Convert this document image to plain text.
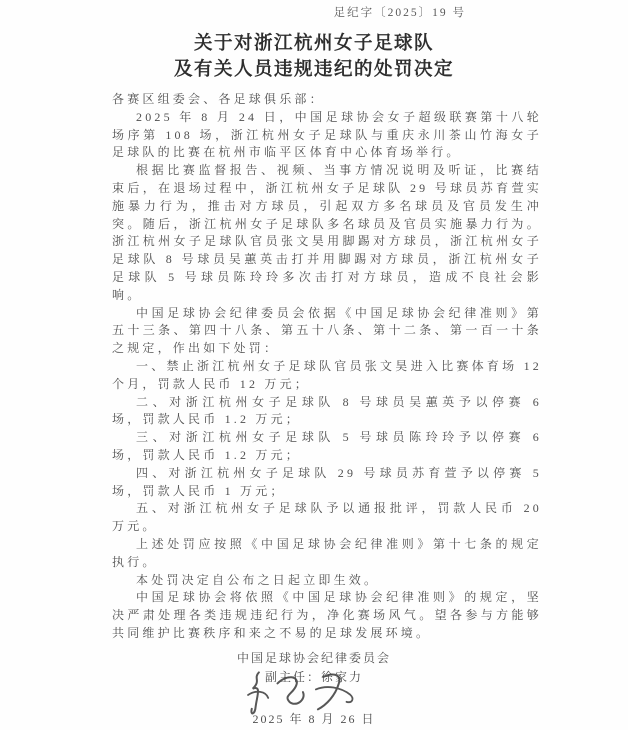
足纪字〔2025〕19 号
关于对浙江杭州女子足球队
及有关人员违规违纪的处罚决定

各赛区组委会、各足球俱乐部：

2025 年 8 月 24 日，中国足球协会女子超级联赛第十八轮场序第 108 场，浙江杭州女子足球队与重庆永川茶山竹海女子足球队的比赛在杭州市临平区体育中心体育场举行。

根据比赛监督报告、视频、当事方情况说明及听证，比赛结束后，在退场过程中，浙江杭州女子足球队 29 号球员苏育萱实施暴力行为，推击对方球员，引起双方多名球员及官员发生冲突。随后，浙江杭州女子足球队多名球员及官员实施暴力行为。浙江杭州女子足球队官员张文昊用脚踢对方球员，浙江杭州女子足球队 8 号球员吴蕙英击打并用脚踢对方球员，浙江杭州女子足球队 5 号球员陈玲玲多次击打对方球员，造成不良社会影响。

中国足球协会纪律委员会依据《中国足球协会纪律准则》第五十三条、第四十八条、第五十八条、第十二条、第一百一十条之规定，作出如下处罚：

一、禁止浙江杭州女子足球队官员张文昊进入比赛体育场 12 个月，罚款人民币 12 万元；

二、对浙江杭州女子足球队 8 号球员吴蕙英予以停赛 6 场，罚款人民币 1.2 万元；

三、对浙江杭州女子足球队 5 号球员陈玲玲予以停赛 6 场，罚款人民币 1.2 万元；

四、对浙江杭州女子足球队 29 号球员苏育萱予以停赛 5 场，罚款人民币 1 万元；

五、对浙江杭州女子足球队予以通报批评，罚款人民币 20 万元。

上述处罚应按照《中国足球协会纪律准则》第十七条的规定执行。

本处罚决定自公布之日起立即生效。

中国足球协会将依照《中国足球协会纪律准则》的规定，坚决严肃处理各类违规违纪行为，净化赛场风气。望各参与方能够共同维护比赛秩序和来之不易的足球发展环境。

中国足球协会纪律委员会
副主任：徐家力
2025 年 8 月 26 日
